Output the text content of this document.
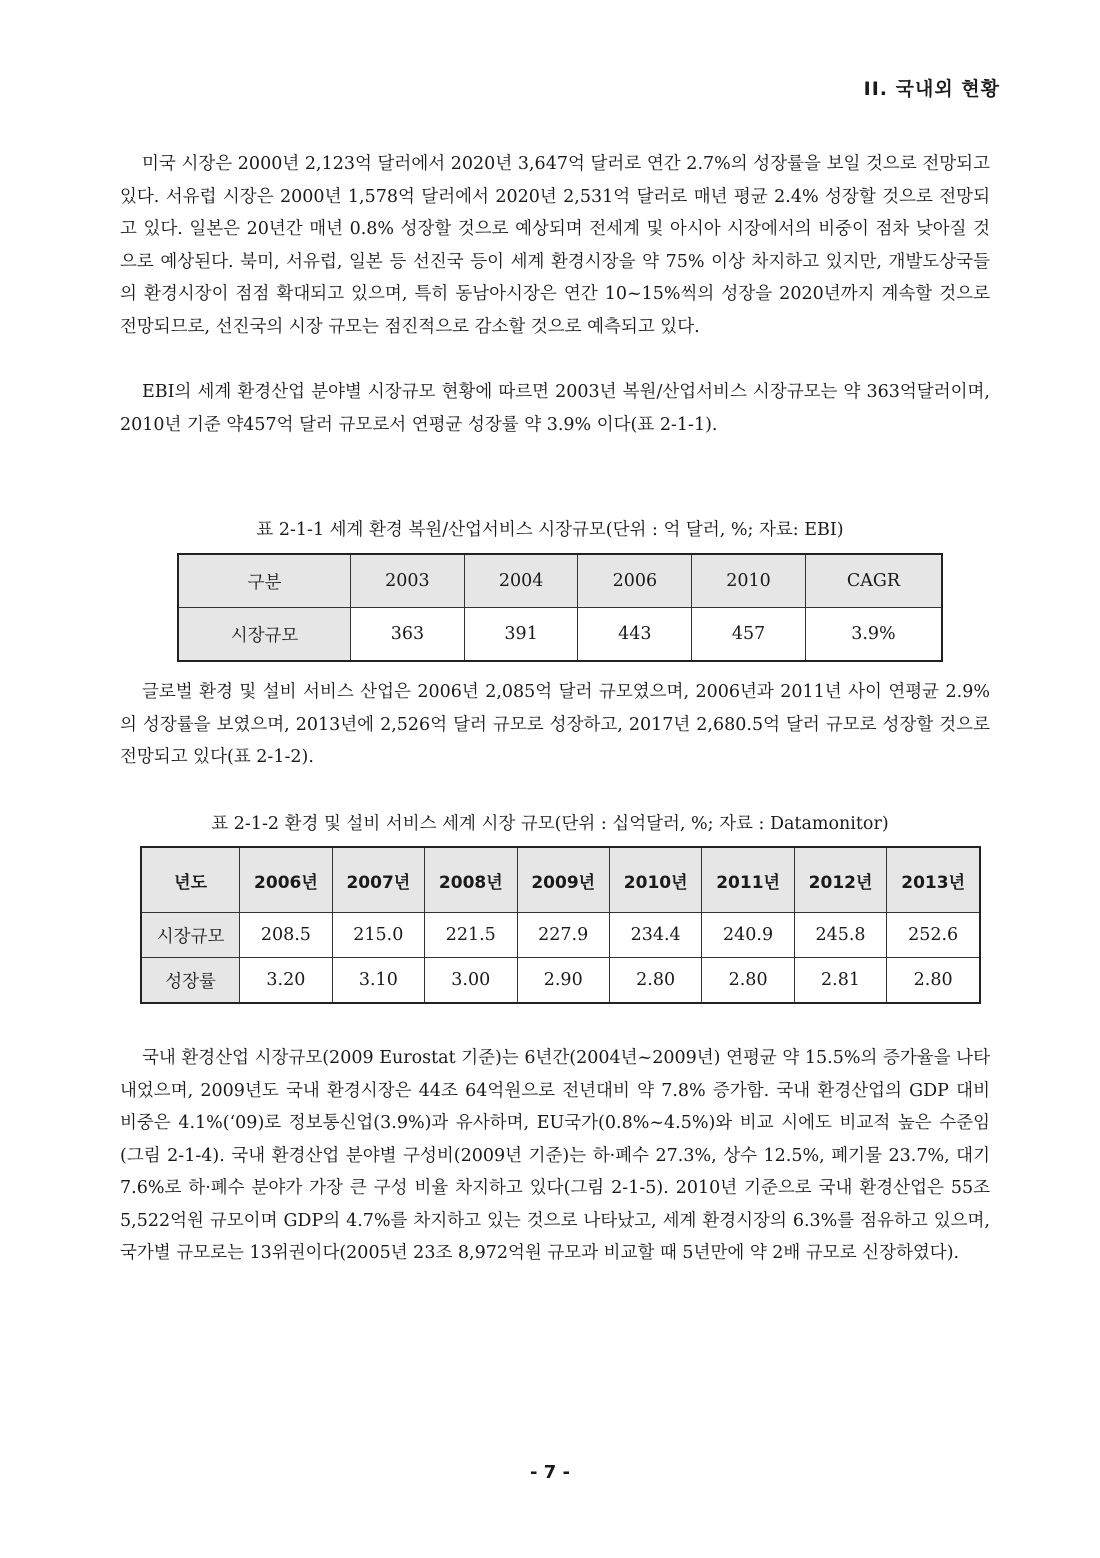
II. 국내외 현황

미국 시장은 2000년 2,123억 달러에서 2020년 3,647억 달러로 연간 2.7%의 성장률을 보일 것으로 전망되고 있다. 서유럽 시장은 2000년 1,578억 달러에서 2020년 2,531억 달러로 매년 평균 2.4% 성장할 것으로 전망되고 있다. 일본은 20년간 매년 0.8% 성장할 것으로 예상되며 전세계 및 아시아 시장에서의 비중이 점차 낮아질 것으로 예상된다. 북미, 서유럽, 일본 등 선진국 등이 세계 환경시장을 약 75% 이상 차지하고 있지만, 개발도상국들의 환경시장이 점점 확대되고 있으며, 특히 동남아시장은 연간 10~15%씩의 성장을 2020년까지 계속할 것으로 전망되므로, 선진국의 시장 규모는 점진적으로 감소할 것으로 예측되고 있다.

EBI의 세계 환경산업 분야별 시장규모 현황에 따르면 2003년 복원/산업서비스 시장규모는 약 363억달러이며, 2010년 기준 약457억 달러 규모로서 연평균 성장률 약 3.9% 이다(표 2-1-1).

표 2-1-1 세계 환경 복원/산업서비스 시장규모(단위 : 억 달러, %; 자료: EBI)

구분	2003	2004	2006	2010	CAGR
시장규모	363	391	443	457	3.9%

글로벌 환경 및 설비 서비스 산업은 2006년 2,085억 달러 규모였으며, 2006년과 2011년 사이 연평균 2.9%의 성장률을 보였으며, 2013년에 2,526억 달러 규모로 성장하고, 2017년 2,680.5억 달러 규모로 성장할 것으로 전망되고 있다(표 2-1-2).

표 2-1-2 환경 및 설비 서비스 세계 시장 규모(단위 : 십억달러, %; 자료 : Datamonitor)

년도	2006년	2007년	2008년	2009년	2010년	2011년	2012년	2013년
시장규모	208.5	215.0	221.5	227.9	234.4	240.9	245.8	252.6
성장률	3.20	3.10	3.00	2.90	2.80	2.80	2.81	2.80

국내 환경산업 시장규모(2009 Eurostat 기준)는 6년간(2004년~2009년) 연평균 약 15.5%의 증가율을 나타내었으며, 2009년도 국내 환경시장은 44조 64억원으로 전년대비 약 7.8% 증가함. 국내 환경산업의 GDP 대비 비중은 4.1%(‘09)로 정보통신업(3.9%)과 유사하며, EU국가(0.8%~4.5%)와 비교 시에도 비교적 높은 수준임(그림 2-1-4). 국내 환경산업 분야별 구성비(2009년 기준)는 하·폐수 27.3%, 상수 12.5%, 폐기물 23.7%, 대기 7.6%로 하·폐수 분야가 가장 큰 구성 비율 차지하고 있다(그림 2-1-5). 2010년 기준으로 국내 환경산업은 55조 5,522억원 규모이며 GDP의 4.7%를 차지하고 있는 것으로 나타났고, 세계 환경시장의 6.3%를 점유하고 있으며, 국가별 규모로는 13위권이다(2005년 23조 8,972억원 규모과 비교할 때 5년만에 약 2배 규모로 신장하였다).

- 7 -
